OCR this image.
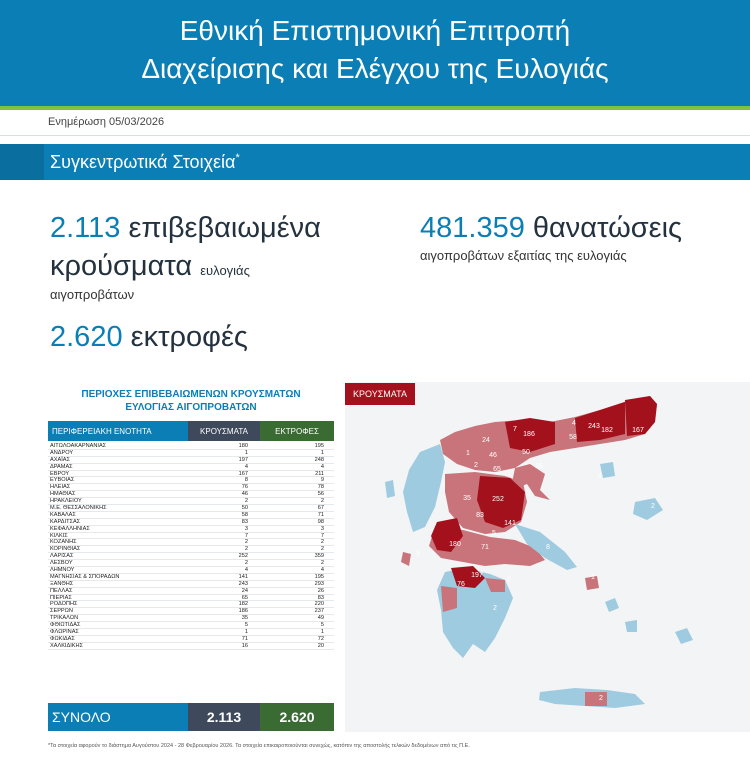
Εθνική Επιστημονική Επιτροπή
Διαχείρισης και Ελέγχου της Ευλογιάς
Ενημέρωση 05/03/2026
Συγκεντρωτικά Στοιχεία*
2.113 επιβεβαιωμένα
κρούσματα ευλογιάς
αιγοπροβάτων
481.359 θανατώσεις
αιγοπροβάτων εξαιτίας της ευλογιάς
2.620 εκτροφές
ΠΕΡΙΟΧΕΣ ΕΠΙΒΕΒΑΙΩΜΕΝΩΝ ΚΡΟΥΣΜΑΤΩΝ
ΕΥΛΟΓΙΑΣ ΑΙΓΟΠΡΟΒΑΤΩΝ
ΠΕΡΙΦΕΡΕΙΑΚΗ ΕΝΟΤΗΤΑ	ΚΡΟΥΣΜΑΤΑ	ΕΚΤΡΟΦΕΣ
ΑΙΤΩΛΟΑΚΑΡΝΑΝΙΑΣ	180	195
ΑΝΔΡΟΥ	1	1
ΑΧΑΪΑΣ	197	248
ΔΡΑΜΑΣ	4	4
ΕΒΡΟΥ	167	211
ΕΥΒΟΙΑΣ	8	9
ΗΛΕΙΑΣ	76	78
ΗΜΑΘΙΑΣ	46	56
ΗΡΑΚΛΕΙΟΥ	2	2
Μ.Ε. ΘΕΣΣΑΛΟΝΙΚΗΣ	50	67
ΚΑΒΑΛΑΣ	58	71
ΚΑΡΔΙΤΣΑΣ	83	98
ΚΕΦΑΛΛΗΝΙΑΣ	3	3
ΚΙΛΚΙΣ	7	7
ΚΟΖΑΝΗΣ	2	2
ΚΟΡΙΝΘΙΑΣ	2	2
ΛΑΡΙΣΑΣ	252	359
ΛΕΣΒΟΥ	2	2
ΛΗΜΝΟΥ	4	4
ΜΑΓΝΗΣΙΑΣ & ΣΠΟΡΑΔΩΝ	141	195
ΞΑΝΘΗΣ	243	293
ΠΕΛΛΑΣ	24	26
ΠΙΕΡΙΑΣ	65	83
ΡΟΔΟΠΗΣ	182	220
ΣΕΡΡΩΝ	186	237
ΤΡΙΚΑΛΩΝ	35	49
ΦΘΙΩΤΙΔΑΣ	5	5
ΦΛΩΡΙΝΑΣ	1	1
ΦΩΚΙΔΑΣ	71	72
ΧΑΛΚΙΔΙΚΗΣ	16	20
ΣΥΝΟΛΟ	2.113	2.620
186
4 243
182	167
58
7
24
1	46	50
2
65	16
4
35	252
83
141
2
5
71	8
180
3
197
2	1
76
2
2
ΚΡΟΥΣΜΑΤΑ
*Τα στοιχεία αφορούν το διάστημα Αυγούστου 2024 - 28 Φεβρουαρίου 2026. Τα στοιχεία επικαιροποιούνται συνεχώς, κατόπιν της αποστολής τελικών δεδομένων από τις Π.Ε.
